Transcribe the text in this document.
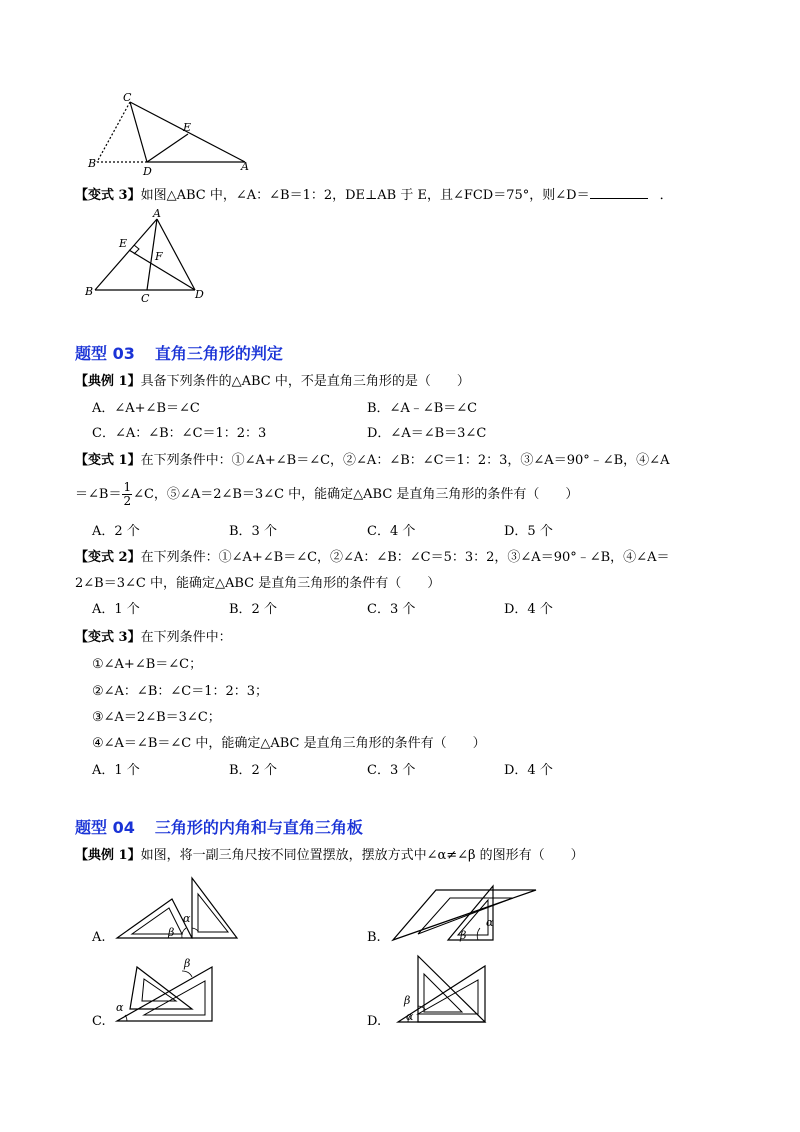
C
E
B
D	A
【变式 3】如图△ABC 中，∠A：∠B＝1：2，DE⊥AB 于 E，且∠FCD＝75°，则∠D＝	．
A
E
F
B
C	D
题型 03 直角三角形的判定
【典例 1】具备下列条件的△ABC 中，不是直角三角形的是（　　）
A．∠A+∠B＝∠C	B．∠A﹣∠B＝∠C
C．∠A：∠B：∠C＝1：2：3	D．∠A＝∠B＝3∠C
【变式 1】在下列条件中：①∠A+∠B＝∠C，②∠A：∠B：∠C＝1：2：3，③∠A＝90°﹣∠B，④∠A
＝∠B＝ $\frac{1}{2}$ ∠C，⑤∠A＝2∠B＝3∠C 中，能确定△ABC 是直角三角形的条件有（　　）
A．2 个	B．3 个	C．4 个	D．5 个
【变式 2】在下列条件：①∠A+∠B＝∠C，②∠A：∠B：∠C＝5：3：2，③∠A＝90°﹣∠B，④∠A＝
2∠B＝3∠C 中，能确定△ABC 是直角三角形的条件有（　　）
A．1 个	B．2 个	C．3 个	D．4 个
【变式 3】在下列条件中：
①∠A+∠B＝∠C；
②∠A：∠B：∠C＝1：2：3；
③∠A＝2∠B＝3∠C；
④∠A＝∠B＝∠C 中，能确定△ABC 是直角三角形的条件有（　　）
A．1 个	B．2 个	C．3 个	D．4 个
题型 04 三角形的内角和与直角三角板
【典例 1】如图，将一副三角尺按不同位置摆放，摆放方式中∠α≠∠β 的图形有（　　）
A.
α
β	B.
α
β
C.
α
β
D.
β
α
